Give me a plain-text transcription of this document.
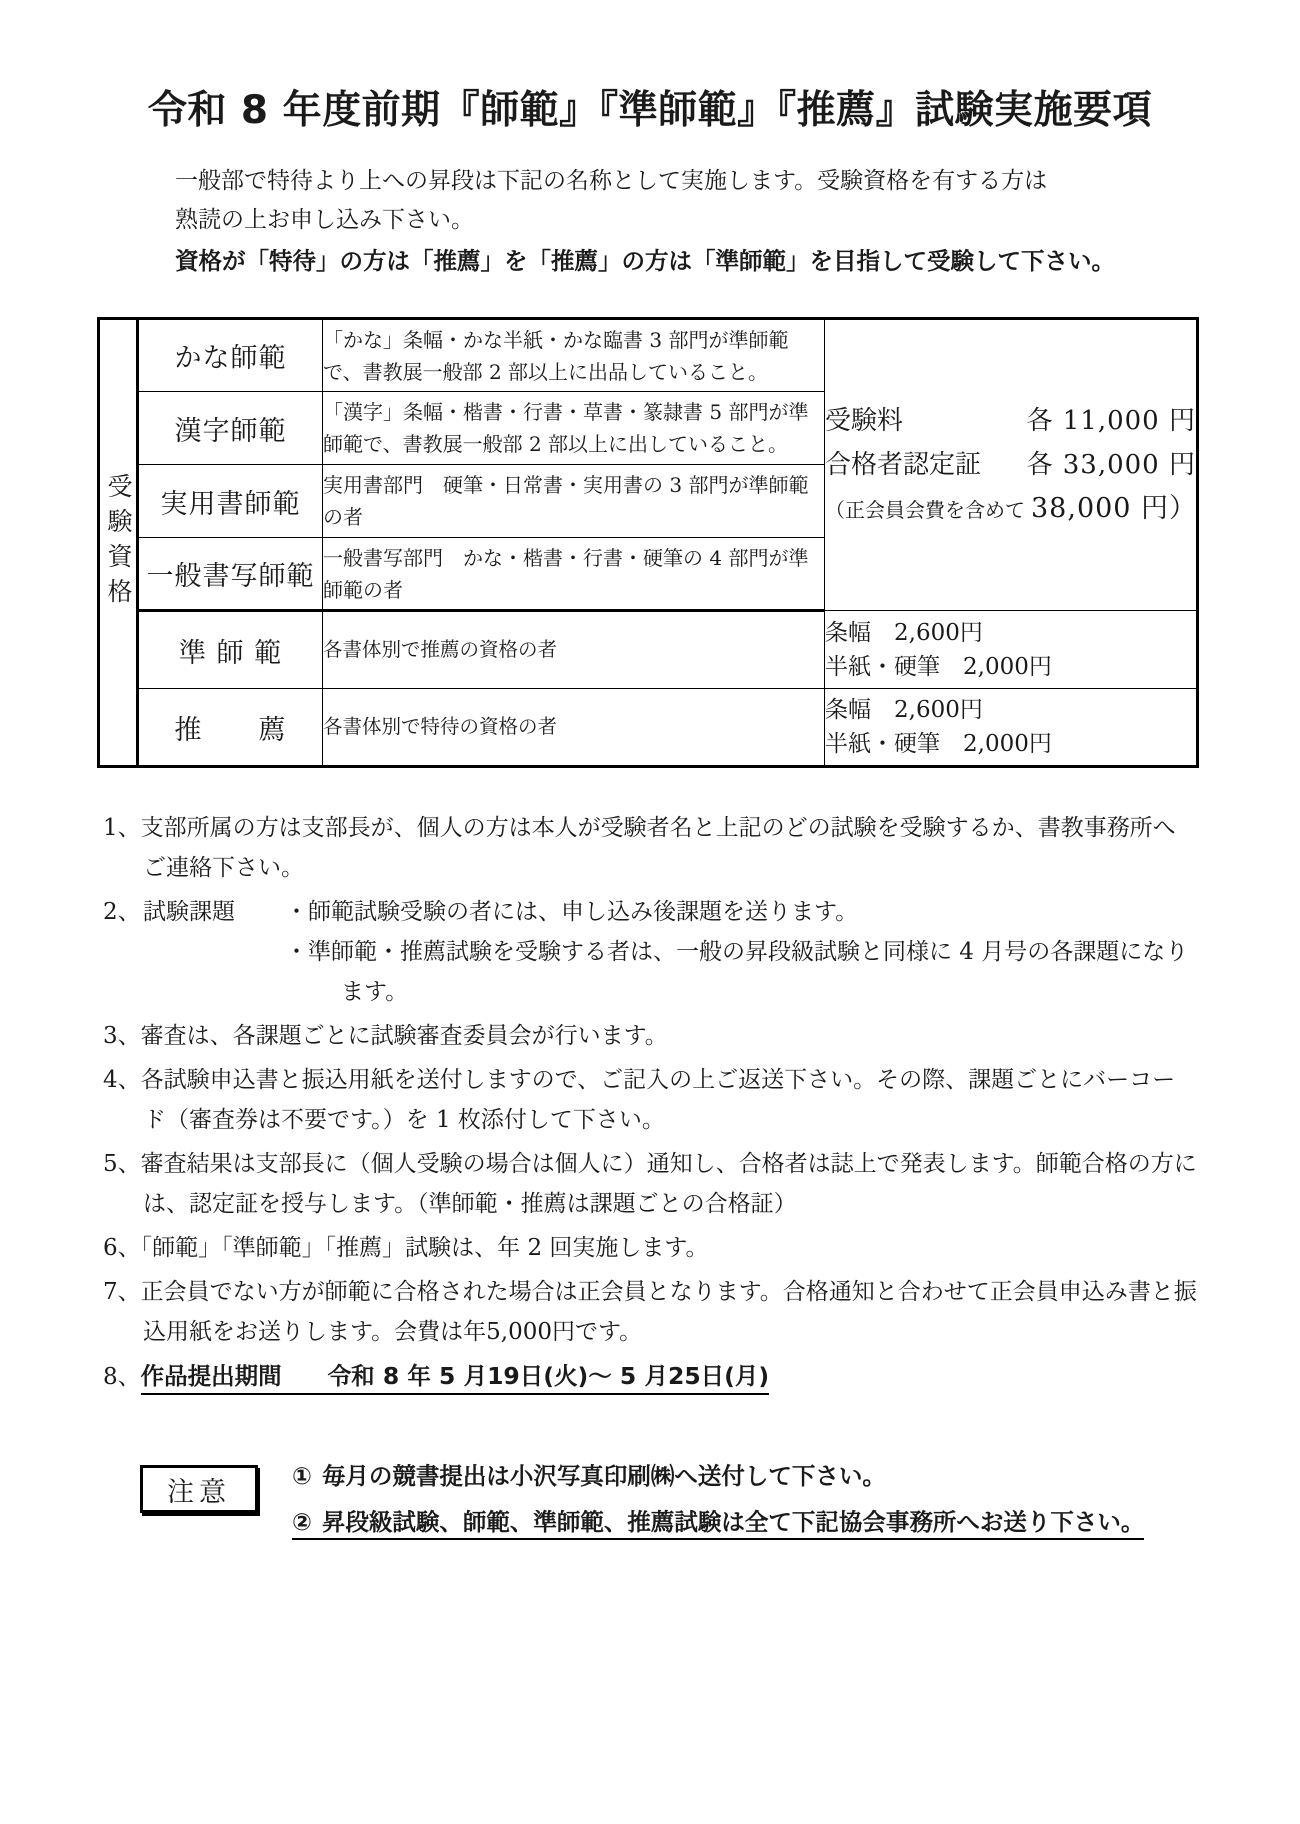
令和 8 年度前期『師範』『準師範』『推薦』試験実施要項

一般部で特待より上への昇段は下記の名称として実施します。受験資格を有する方は

熟読の上お申し込み下さい。

資格が「特待」の方は「推薦」を「推薦」の方は「準師範」を目指して受験して下さい。

受験資格	かな師範	「かな」条幅・かな半紙・かな臨書 3 部門が準師範で、書教展一般部 2 部以上に出品していること。	
受験料	各 11,000 円
合格者認定証 各 33,000 円
（正会員会費を含めて 38,000 円）

	漢字師範	「漢字」条幅・楷書・行書・草書・篆隷書 5 部門が準師範で、書教展一般部 2 部以上に出していること。	
	実用書師範	実用書部門　硬筆・日常書・実用書の 3 部門が準師範の者	
	一般書写師範	一般書写部門　かな・楷書・行書・硬筆の 4 部門が準師範の者	
	準 師 範	各書体別で推薦の資格の者	条幅　2,600円
半紙・硬筆　2,000円

	推　　薦	各書体別で特待の資格の者	条幅　2,600円
半紙・硬筆　2,000円
1、支部所属の方は支部長が、個人の方は本人が受験者名と上記のどの試験を受験するか、書教事務所へご連絡下さい。
2、 試験課題 ・師範試験受験の者には、申し込み後課題を送ります。

・準師範・推薦試験を受験する者は、一般の昇段級試験と同様に 4 月号の各課題になります。

3、審査は、各課題ごとに試験審査委員会が行います。
4、各試験申込書と振込用紙を送付しますので、ご記入の上ご返送下さい。その際、課題ごとにバーコード（審査券は不要です。）を 1 枚添付して下さい。
5、審査結果は支部長に（個人受験の場合は個人に）通知し、合格者は誌上で発表します。師範合格の方には、認定証を授与します。（準師範・推薦は課題ごとの合格証）
6、「師範」「準師範」「推薦」試験は、年 2 回実施します。
7、正会員でない方が師範に合格された場合は正会員となります。合格通知と合わせて正会員申込み書と振込用紙をお送りします。会費は年5,000円です。
8、作品提出期間 令和 8 年 5 月19日(火)～ 5 月25日(月)
注意

① 毎月の競書提出は小沢写真印刷㈱へ送付して下さい。

② 昇段級試験、師範、準師範、推薦試験は全て下記協会事務所へお送り下さい。
